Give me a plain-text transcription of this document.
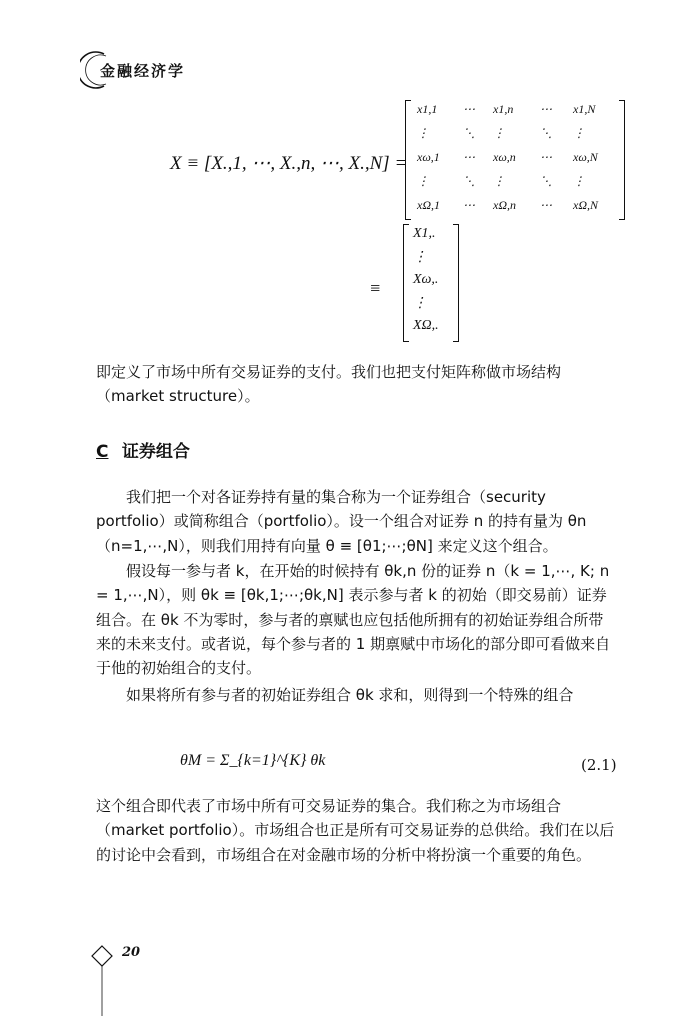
金融经济学
X ≡ [X.,1, ⋯, X.,n, ⋯, X.,N] =
x1,1 ⋯ x1,n ⋯ x1,N
⋮	⋱ ⋮	⋱ ⋮
xω,1 ⋯ xω,n ⋯ xω,N
⋮	⋱ ⋮	⋱ ⋮
xΩ,1 ⋯ xΩ,n ⋯ xΩ,N
≡
X1,.
⋮
Xω,.
⋮
XΩ,.

即定义了市场中所有交易证券的支付。我们也把支付矩阵称做市场结构（market structure）。

C 证券组合

我们把一个对各证券持有量的集合称为一个证券组合（security portfolio）或简称组合（portfolio）。设一个组合对证券 n 的持有量为 θn（n=1,⋯,N），则我们用持有向量 θ ≡ [θ1;⋯;θN] 来定义这个组合。

假设每一参与者 k，在开始的时候持有 θk,n 份的证券 n（k = 1,⋯, K; n = 1,⋯,N），则 θk ≡ [θk,1;⋯;θk,N] 表示参与者 k 的初始（即交易前）证券组合。在 θk 不为零时，参与者的禀赋也应包括他所拥有的初始证券组合所带来的未来支付。或者说，每个参与者的 1 期禀赋中市场化的部分即可看做来自于他的初始组合的支付。

如果将所有参与者的初始证券组合 θk 求和，则得到一个特殊的组合

θM = Σ_{k=1}^{K} θk	(2.1)

这个组合即代表了市场中所有可交易证券的集合。我们称之为市场组合（market portfolio）。市场组合也正是所有可交易证券的总供给。我们在以后的讨论中会看到，市场组合在对金融市场的分析中将扮演一个重要的角色。

20
